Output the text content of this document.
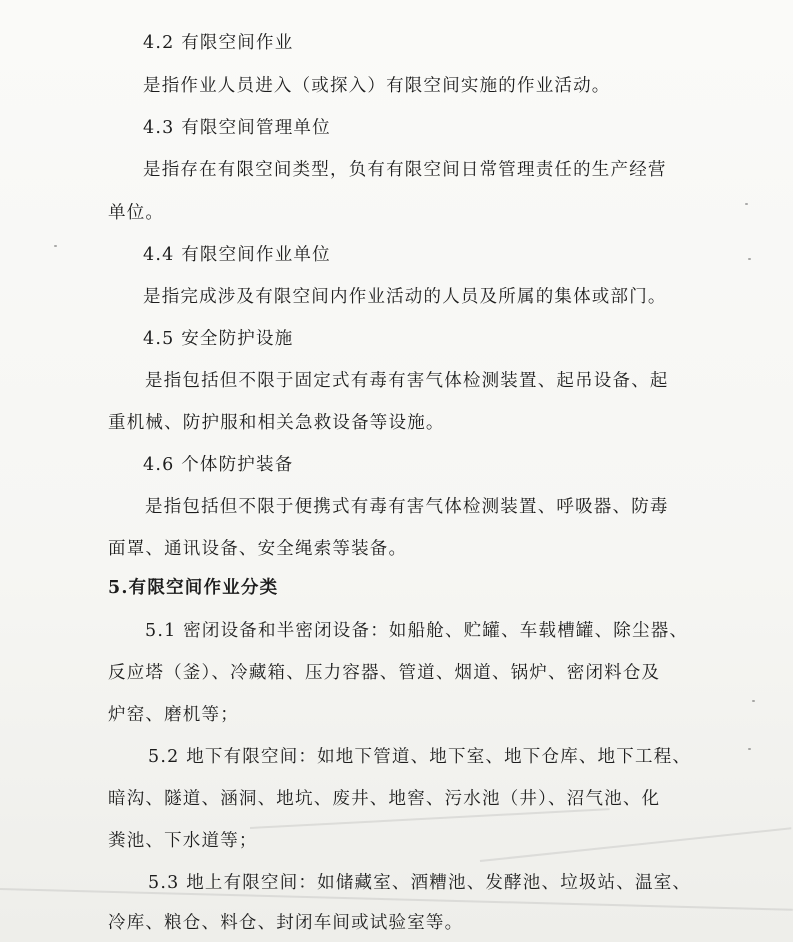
4.2 有限空间作业
是指作业人员进入（或探入）有限空间实施的作业活动。
4.3 有限空间管理单位
是指存在有限空间类型，负有有限空间日常管理责任的生产经营
单位。
4.4 有限空间作业单位
是指完成涉及有限空间内作业活动的人员及所属的集体或部门。
4.5 安全防护设施
是指包括但不限于固定式有毒有害气体检测装置、起吊设备、起
重机械、防护服和相关急救设备等设施。
4.6 个体防护装备
是指包括但不限于便携式有毒有害气体检测装置、呼吸器、防毒
面罩、通讯设备、安全绳索等装备。
5.有限空间作业分类
5.1 密闭设备和半密闭设备：如船舱、贮罐、车载槽罐、除尘器、
反应塔（釜）、冷藏箱、压力容器、管道、烟道、锅炉、密闭料仓及
炉窑、磨机等；
5.2 地下有限空间：如地下管道、地下室、地下仓库、地下工程、
暗沟、隧道、涵洞、地坑、废井、地窖、污水池（井）、沼气池、化
粪池、下水道等；
5.3 地上有限空间：如储藏室、酒糟池、发酵池、垃圾站、温室、
冷库、粮仓、料仓、封闭车间或试验室等。
